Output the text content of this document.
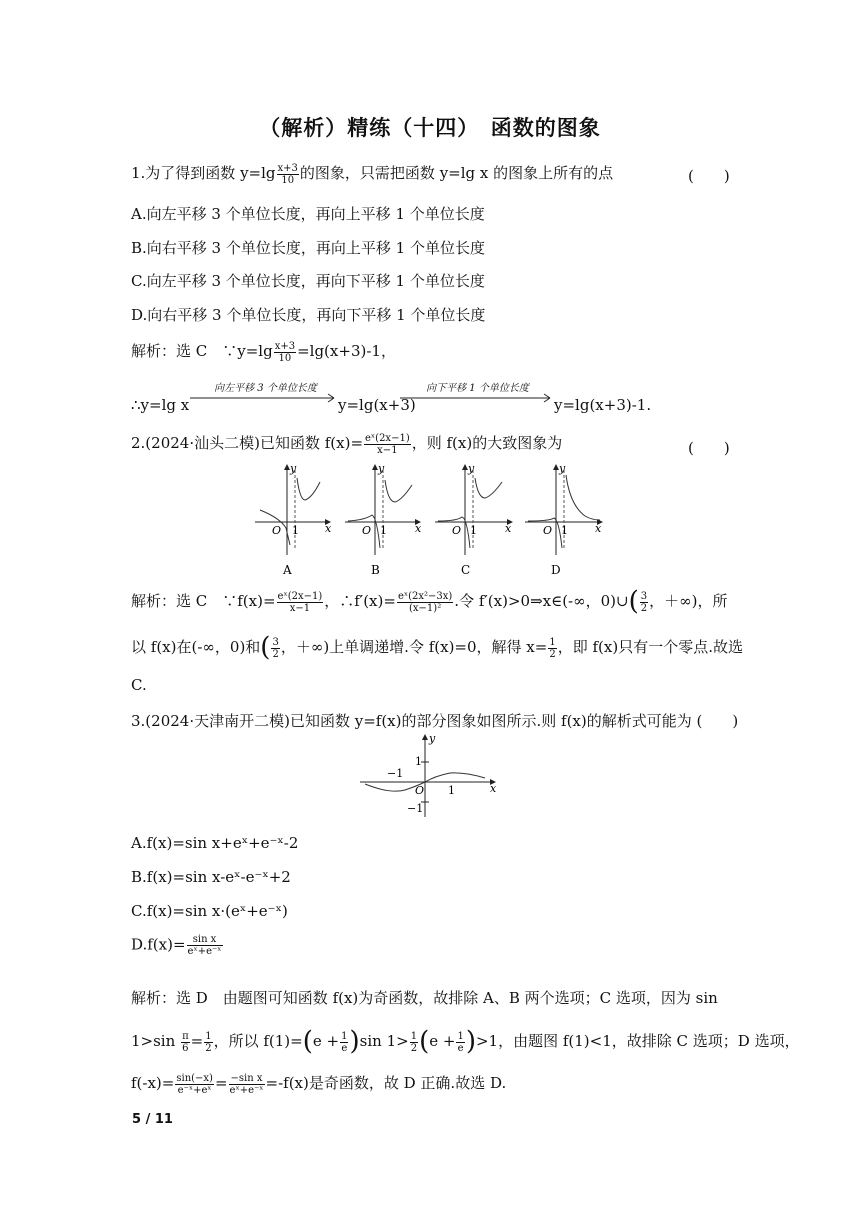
（解析）精练（十四）　函数的图象
1.为了得到函数 $y=\lg \frac{x+3}{10}$ 的图象，只需把函数 y=lg x 的图象上所有的点	(　　)
A.向左平移 3 个单位长度，再向上平移 1 个单位长度
B.向右平移 3 个单位长度，再向上平移 1 个单位长度
C.向左平移 3 个单位长度，再向下平移 1 个单位长度
D.向右平移 3 个单位长度，再向下平移 1 个单位长度
解析：选 C　∵y=lg $\frac{x+3}{10} =\lg(x+3)-1$，
∴y=lg x
向左平移 3 个单位长度
y=lg(x+3)
向下平移 1 个单位长度
y=lg(x+3)-1.
2.(2024·汕头二模)已知函数 $f(x)= \frac{\text{eˣ(2x−1)}}{x-1}$ ，则 f(x)的大致图象为	(　　)
y
x
O
y
x
O
y
x
O
y
x
O
1	1	1	1
A	B	C	D
解析：选 C　∵f(x)= $\frac{\text{eˣ(2x−1)}}{x-1}$ ，∴f′(x)= $\frac{\text{eˣ(2x²−3x)}}{\text{(x−1)²}}$ .令 f′(x)>0⇒x∈(-∞，0)∪( $\frac{3}{2}$ ，＋∞)，所
以 f(x)在(-∞，0)和( $\frac{3}{2}$ ，＋∞)上单调递增.令 f(x)=0，解得 $x= \frac{1}{2}$ ，即 f(x)只有一个零点.故选
C.
3.(2024·天津南开二模)已知函数 y=f(x)的部分图象如图所示.则 f(x)的解析式可能为 (　　)
y
x
O 1
−1
1
−1
A.f(x)=sin x+eˣ+e⁻ˣ-2
B.f(x)=sin x-eˣ-e⁻ˣ+2
C.f(x)=sin x·(eˣ+e⁻ˣ)
$D.f(x)= \frac{\text{sin x}}{\text{eˣ+e⁻ˣ}}$
解析：选 D　由题图可知函数 f(x)为奇函数，故排除 A、B 两个选项；C 选项，因为 sin
$1>\sin \frac{\pi}{6} = \frac{1}{2}$ ，所以 $f(1)=(e + \frac{1}{e} )\sin$ $1> \frac{1}{2} (e + \frac{1}{e} )>1$，由题图 f(1)<1，故排除 C 选项；D 选项，
$f(-x)= \frac{\sin(-x)}{\text{e⁻ˣ+eˣ}} = \frac{\text{−sin x}}{\text{eˣ+e⁻ˣ}} =-f(x)$是奇函数，故 D 正确.故选 D.
5 / 11
